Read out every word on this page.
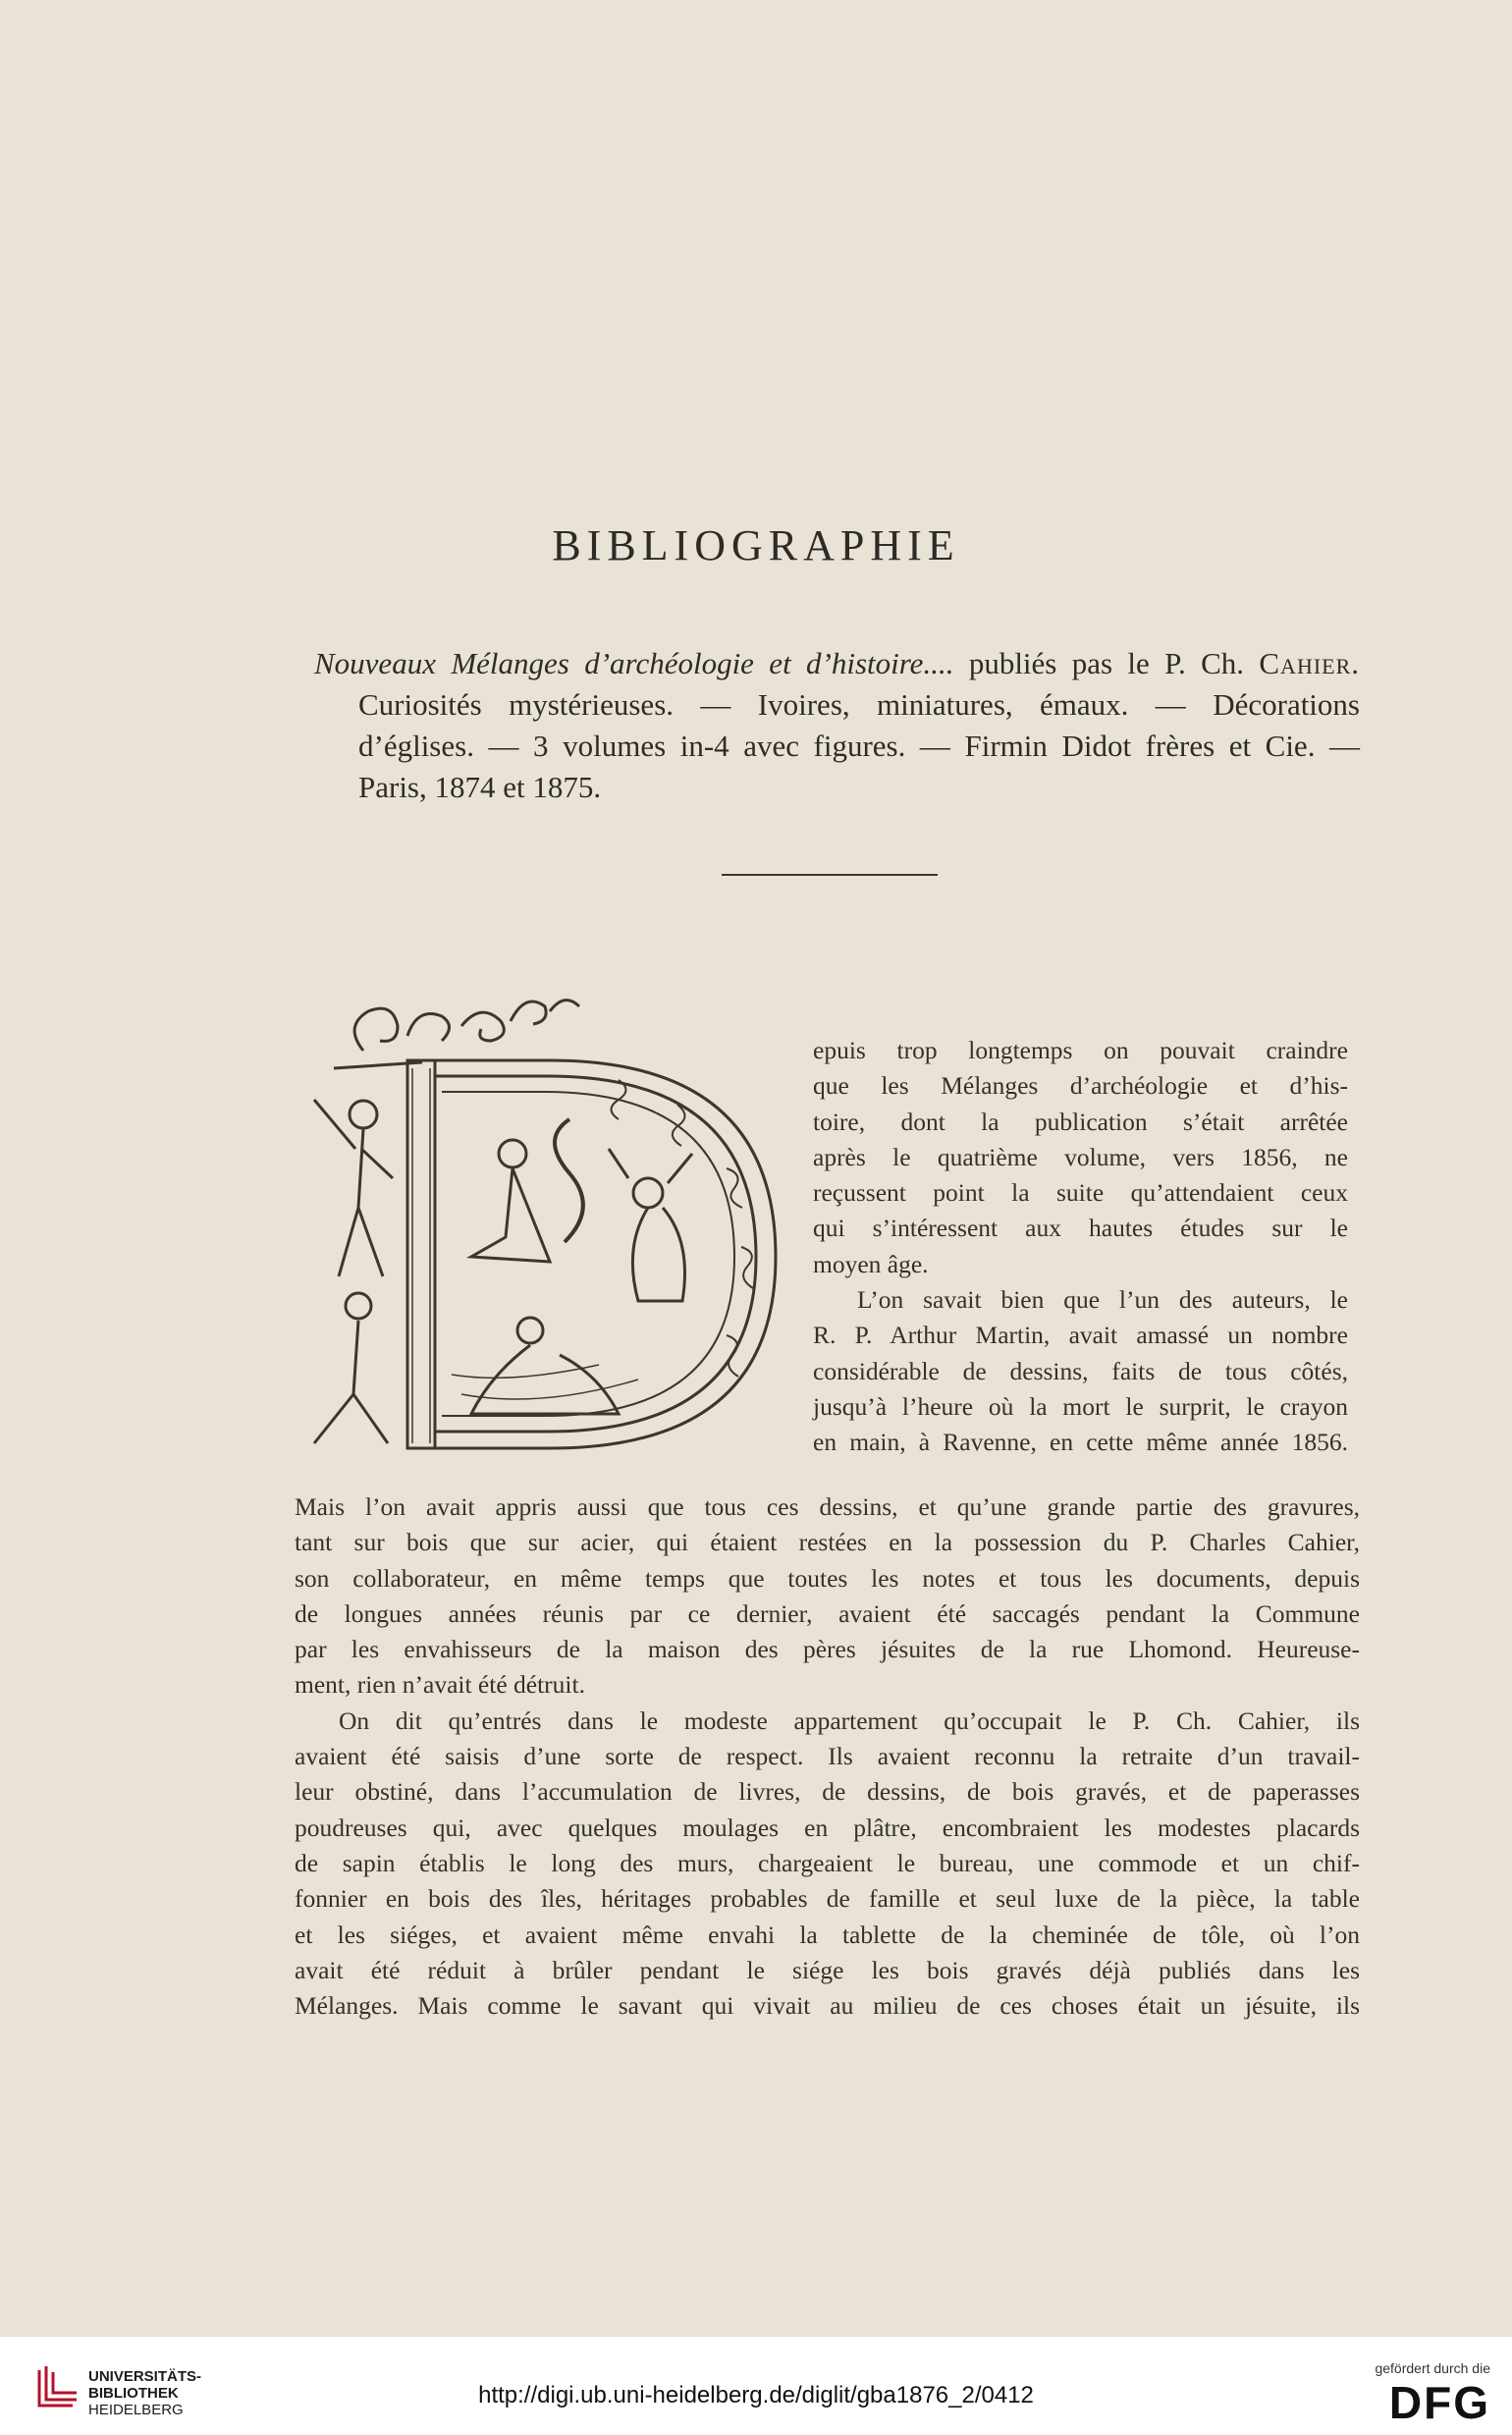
BIBLIOGRAPHIE
Nouveaux Mélanges d’archéologie et d’histoire.... publiés pas le P. Ch. Cahier.
Curiosités mystérieuses. — Ivoires, miniatures, émaux. — Décorations
d’églises. — 3 volumes in-4 avec figures. — Firmin Didot frères et Cie. —
Paris, 1874 et 1875.
epuis trop longtemps on pouvait craindre
que les Mélanges d’archéologie et d’his-
toire, dont la publication s’était arrêtée
après le quatrième volume, vers 1856, ne
reçussent point la suite qu’attendaient ceux
qui s’intéressent aux hautes études sur le
moyen âge.
L’on savait bien que l’un des auteurs, le
R. P. Arthur Martin, avait amassé un nombre
considérable de dessins, faits de tous côtés,
jusqu’à l’heure où la mort le surprit, le crayon
en main, à Ravenne, en cette même année 1856.
Mais l’on avait appris aussi que tous ces dessins, et qu’une grande partie des gravures,
tant sur bois que sur acier, qui étaient restées en la possession du P. Charles Cahier,
son collaborateur, en même temps que toutes les notes et tous les documents, depuis
de longues années réunis par ce dernier, avaient été saccagés pendant la Commune
par les envahisseurs de la maison des pères jésuites de la rue Lhomond. Heureuse-
ment, rien n’avait été détruit.
On dit qu’entrés dans le modeste appartement qu’occupait le P. Ch. Cahier, ils
avaient été saisis d’une sorte de respect. Ils avaient reconnu la retraite d’un travail-
leur obstiné, dans l’accumulation de livres, de dessins, de bois gravés, et de paperasses
poudreuses qui, avec quelques moulages en plâtre, encombraient les modestes placards
de sapin établis le long des murs, chargeaient le bureau, une commode et un chif-
fonnier en bois des îles, héritages probables de famille et seul luxe de la pièce, la table
et les siéges, et avaient même envahi la tablette de la cheminée de tôle, où l’on
avait été réduit à brûler pendant le siége les bois gravés déjà publiés dans les
Mélanges. Mais comme le savant qui vivait au milieu de ces choses était un jésuite, ils
UNIVERSITÄTS-
BIBLIOTHEK
HEIDELBERG
http://digi.ub.uni-heidelberg.de/diglit/gba1876_2/0412
gefördert durch die
DFG
